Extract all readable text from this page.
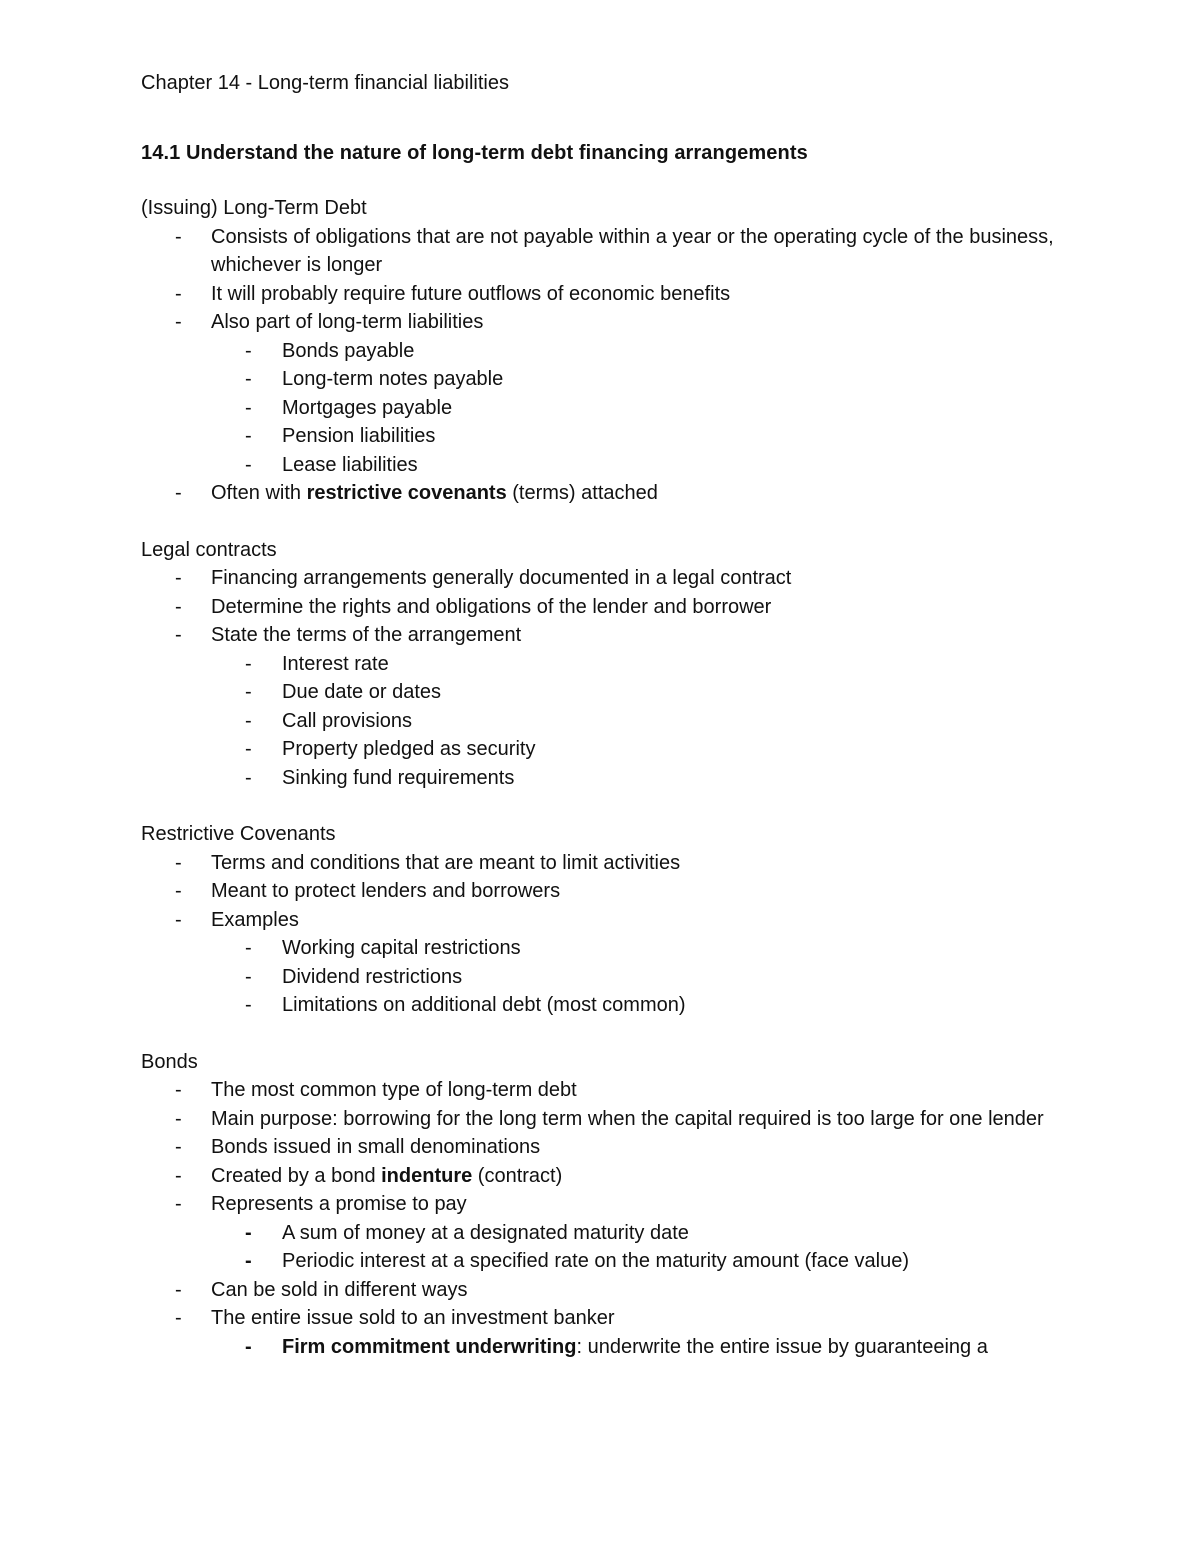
Chapter 14 - Long-term financial liabilities
14.1 Understand the nature of long-term debt financing arrangements
(Issuing) Long-Term Debt
- Consists of obligations that are not payable within a year or the operating cycle of the business, whichever is longer
- It will probably require future outflows of economic benefits
- Also part of long-term liabilities
- Bonds payable
- Long-term notes payable
- Mortgages payable
- Pension liabilities
- Lease liabilities
- Often with restrictive covenants (terms) attached
Legal contracts
- Financing arrangements generally documented in a legal contract
- Determine the rights and obligations of the lender and borrower
- State the terms of the arrangement
- Interest rate
- Due date or dates
- Call provisions
- Property pledged as security
- Sinking fund requirements
Restrictive Covenants
- Terms and conditions that are meant to limit activities
- Meant to protect lenders and borrowers
- Examples
- Working capital restrictions
- Dividend restrictions
- Limitations on additional debt (most common)
Bonds
- The most common type of long-term debt
- Main purpose: borrowing for the long term when the capital required is too large for one lender
- Bonds issued in small denominations
- Created by a bond indenture (contract)
- Represents a promise to pay
- A sum of money at a designated maturity date
- Periodic interest at a specified rate on the maturity amount (face value)
- Can be sold in different ways
- The entire issue sold to an investment banker
- Firm commitment underwriting: underwrite the entire issue by guaranteeing a
